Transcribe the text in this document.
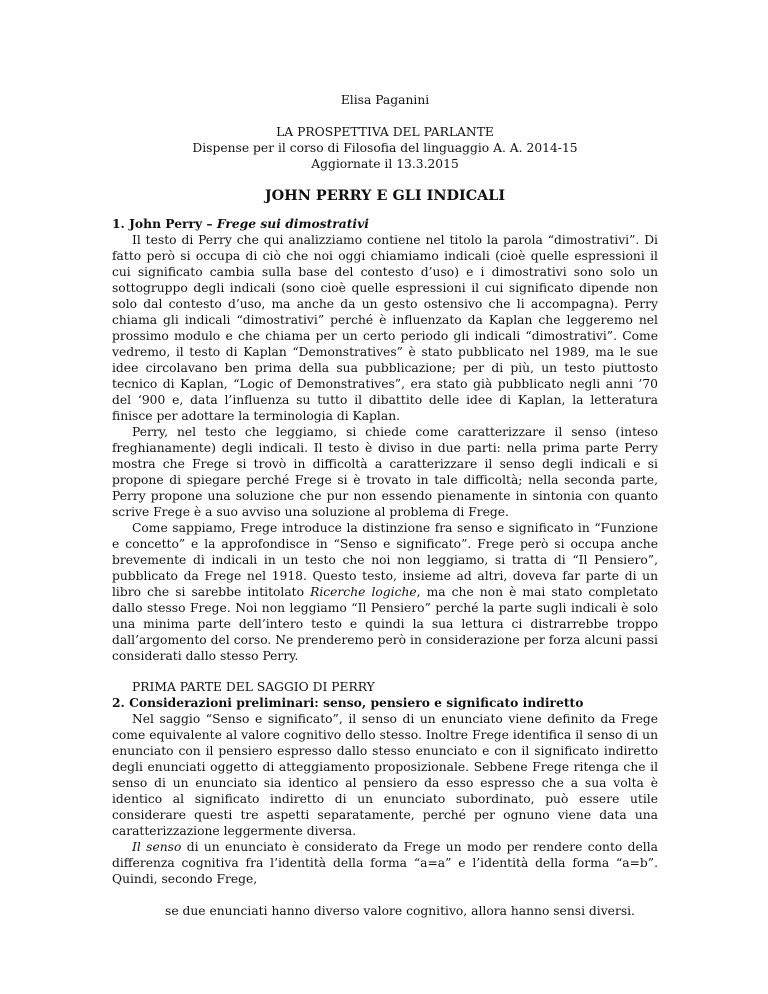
Elisa Paganini
LA PROSPETTIVA DEL PARLANTE
Dispense per il corso di Filosofia del linguaggio A. A. 2014-15
Aggiornate il 13.3.2015
JOHN PERRY E GLI INDICALI
1. John Perry – Frege sui dimostrativi

Il testo di Perry che qui analizziamo contiene nel titolo la parola “dimostrativi”. Di fatto però si occupa di ciò che noi oggi chiamiamo indicali (cioè quelle espressioni il cui significato cambia sulla base del contesto d’uso) e i dimostrativi sono solo un sottogruppo degli indicali (sono cioè quelle espressioni il cui significato dipende non solo dal contesto d’uso, ma anche da un gesto ostensivo che li accompagna). Perry chiama gli indicali “dimostrativi” perché è influenzato da Kaplan che leggeremo nel prossimo modulo e che chiama per un certo periodo gli indicali “dimostrativi”. Come vedremo, il testo di Kaplan “Demonstratives” è stato pubblicato nel 1989, ma le sue idee circolavano ben prima della sua pubblicazione; per di più, un testo piuttosto tecnico di Kaplan, “Logic of Demonstratives”, era stato già pubblicato negli anni ’70 del ‘900 e, data l’influenza su tutto il dibattito delle idee di Kaplan, la letteratura finisce per adottare la terminologia di Kaplan.

Perry, nel testo che leggiamo, si chiede come caratterizzare il senso (inteso freghianamente) degli indicali. Il testo è diviso in due parti: nella prima parte Perry mostra che Frege si trovò in difficoltà a caratterizzare il senso degli indicali e si propone di spiegare perché Frege si è trovato in tale difficoltà; nella seconda parte, Perry propone una soluzione che pur non essendo pienamente in sintonia con quanto scrive Frege è a suo avviso una soluzione al problema di Frege.

Come sappiamo, Frege introduce la distinzione fra senso e significato in “Funzione e concetto” e la approfondisce in “Senso e significato”. Frege però si occupa anche brevemente di indicali in un testo che noi non leggiamo, si tratta di “Il Pensiero”, pubblicato da Frege nel 1918. Questo testo, insieme ad altri, doveva far parte di un libro che si sarebbe intitolato Ricerche logiche, ma che non è mai stato completato dallo stesso Frege. Noi non leggiamo “Il Pensiero” perché la parte sugli indicali è solo una minima parte dell’intero testo e quindi la sua lettura ci distrarrebbe troppo dall’argomento del corso. Ne prenderemo però in considerazione per forza alcuni passi considerati dallo stesso Perry.

PRIMA PARTE DEL SAGGIO DI PERRY
2. Considerazioni preliminari: senso, pensiero e significato indiretto

Nel saggio “Senso e significato”, il senso di un enunciato viene definito da Frege come equivalente al valore cognitivo dello stesso. Inoltre Frege identifica il senso di un enunciato con il pensiero espresso dallo stesso enunciato e con il significato indiretto degli enunciati oggetto di atteggiamento proposizionale. Sebbene Frege ritenga che il senso di un enunciato sia identico al pensiero da esso espresso che a sua volta è identico al significato indiretto di un enunciato subordinato, può essere utile considerare questi tre aspetti separatamente, perché per ognuno viene data una caratterizzazione leggermente diversa.

Il senso di un enunciato è considerato da Frege un modo per rendere conto della differenza cognitiva fra l’identità della forma “a=a” e l’identità della forma “a=b”. Quindi, secondo Frege,

se due enunciati hanno diverso valore cognitivo, allora hanno sensi diversi.
